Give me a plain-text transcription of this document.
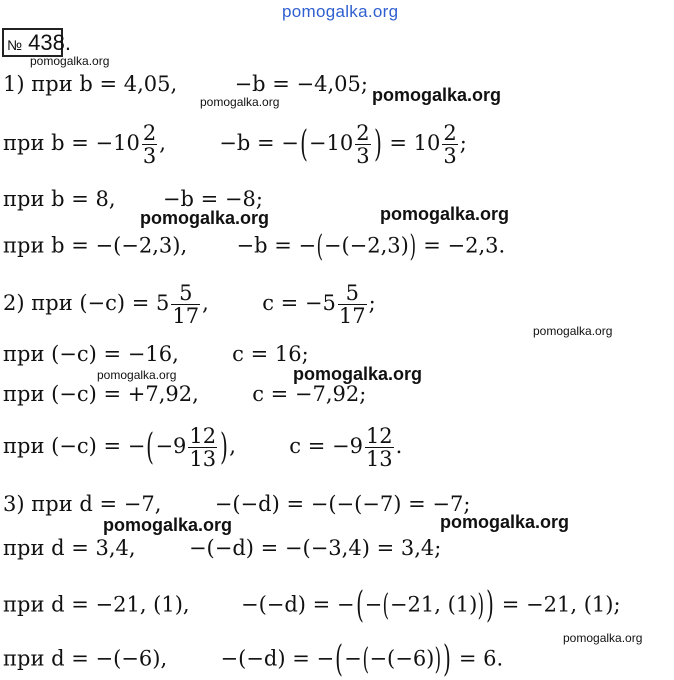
pomogalka.org
pomogalka.org
pomogalka.org	pomogalka.org
pomogalka.org	pomogalka.org
pomogalka.org
pomogalka.org	pomogalka.org
pomogalka.org	pomogalka.org
pomogalka.org
№ 438.
1) при b = 4,05,	−b = −4,05;
при $b = -10 \frac{2}{3}$ ,	$-b = -(-10 \frac{2}{3}$ ) = $10 \frac{2}{3}$ ;
при b = 8, −b = −8;
при b = −(−2,3), −b = −(−(−2,3)) = −2,3.
2) при $(-c) = 5 \frac{5}{17}$ ,	$c = -5 \frac{5}{17}$ ;
при (−c) = −16,	c = 16;
при (−c) = +7,92,	c = −7,92;
при $(-c) = -(-9 \frac{12}{13}$ ),	$c = -9 \frac{12}{13}$ .
3) при d = −7,	−(−d) = −(−(−7) = −7;
при d = 3,4,	−(−d) = −(−3,4) = 3,4;
при d = −21, (1), −(−d) = −(−(−21, (1))) = −21, (1);
при d = −(−6),	−(−d) = −(−(−(−6))) = 6.
